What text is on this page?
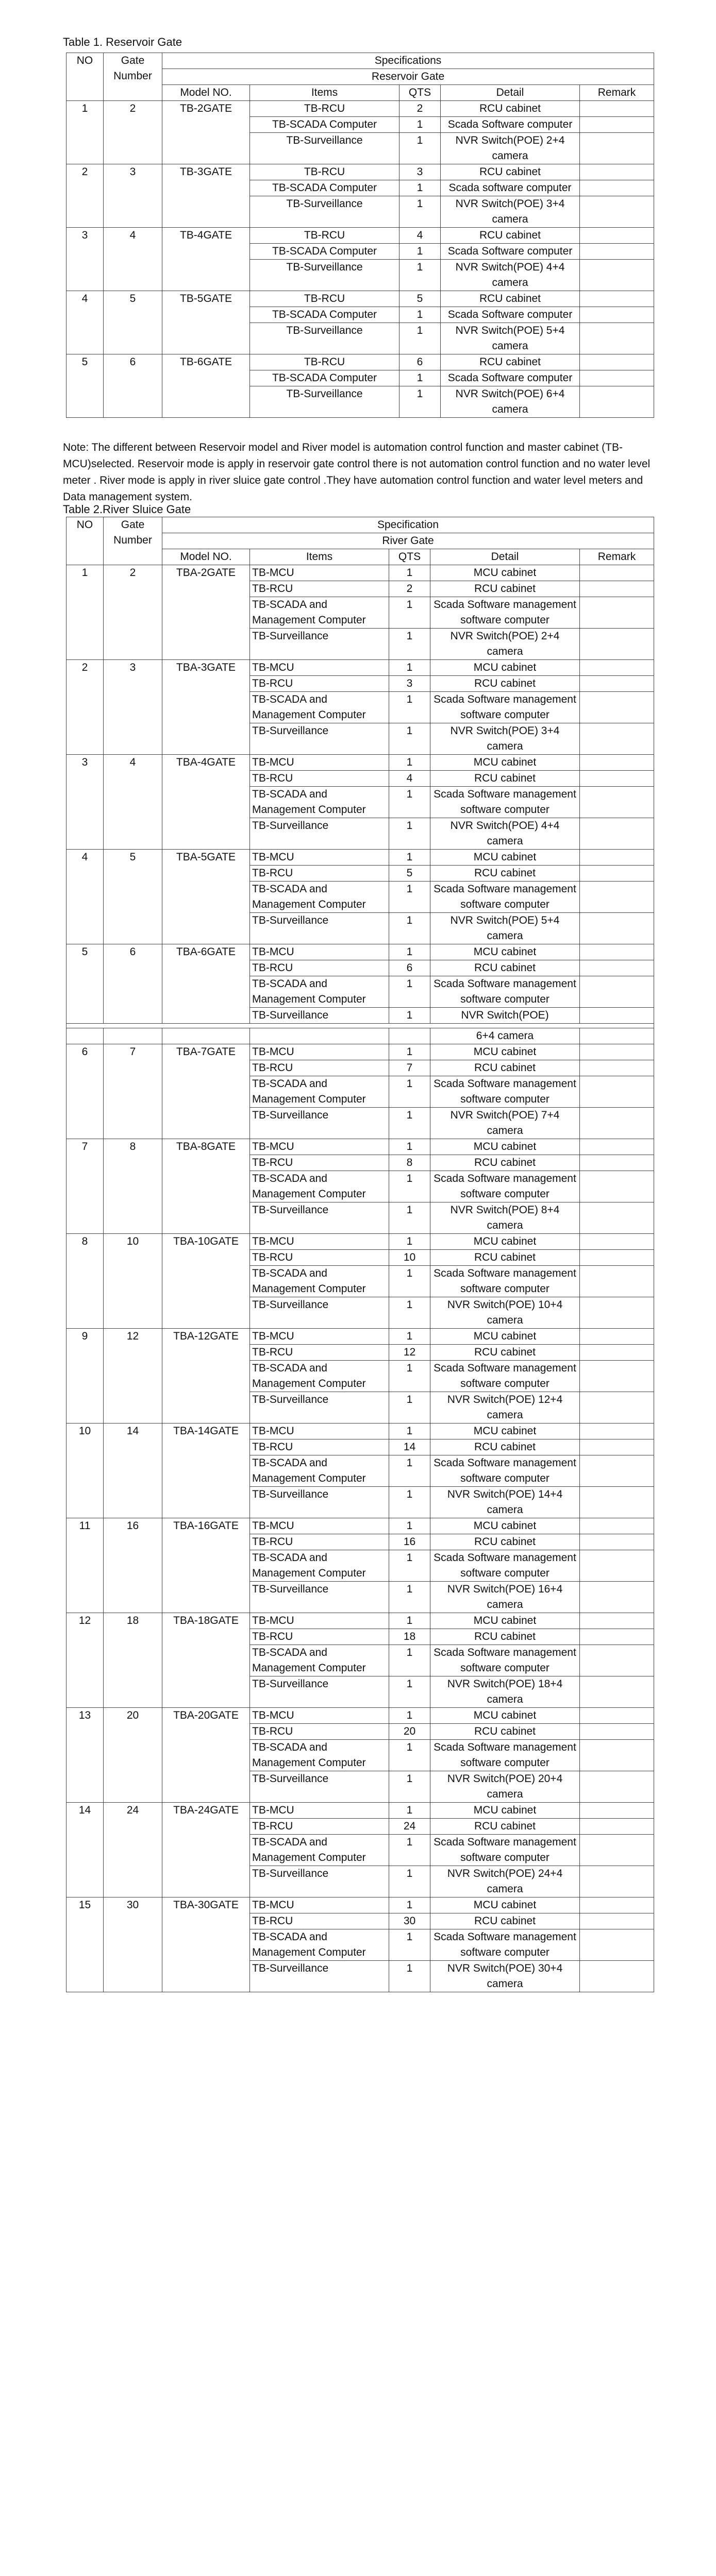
Table 1. Reservoir Gate
NO	Gate Number	Specifications				
		Reservoir Gate				
		Model NO.	Items	QTS	Detail	Remark
1	2	TB-2GATE	TB-RCU	2	RCU cabinet	
			TB-SCADA Computer	1	Scada Software computer	
			TB-Surveillance	1	NVR Switch(POE) 2+4 camera	
2	3	TB-3GATE	TB-RCU	3	RCU cabinet	
			TB-SCADA Computer	1	Scada software computer	
			TB-Surveillance	1	NVR Switch(POE) 3+4 camera	
3	4	TB-4GATE	TB-RCU	4	RCU cabinet	
			TB-SCADA Computer	1	Scada Software computer	
			TB-Surveillance	1	NVR Switch(POE) 4+4 camera	
4	5	TB-5GATE	TB-RCU	5	RCU cabinet	
			TB-SCADA Computer	1	Scada Software computer	
			TB-Surveillance	1	NVR Switch(POE) 5+4 camera	
5	6	TB-6GATE	TB-RCU	6	RCU cabinet	
			TB-SCADA Computer	1	Scada Software computer	
			TB-Surveillance	1	NVR Switch(POE) 6+4 camera	
Note: The different between Reservoir model and River model is automation control function and master cabinet (TB-MCU)selected. Reservoir mode is apply in reservoir gate control there is not automation control function and no water level meter . River mode is apply in river sluice gate control .They have automation control function and water level meters and Data management system.
Table 2.River Sluice Gate
NO	Gate Number	Specification				
		River Gate				
		Model NO.	Items	QTS	Detail	Remark
1	2	TBA-2GATE	TB-MCU	1	MCU cabinet	
			TB-RCU	2	RCU cabinet	
			TB-SCADA and Management Computer	1	Scada Software management software computer	
			TB-Surveillance	1	NVR Switch(POE) 2+4 camera	
2	3	TBA-3GATE	TB-MCU	1	MCU cabinet	
			TB-RCU	3	RCU cabinet	
			TB-SCADA and Management Computer	1	Scada Software management software computer	
			TB-Surveillance	1	NVR Switch(POE) 3+4 camera	
3	4	TBA-4GATE	TB-MCU	1	MCU cabinet	
			TB-RCU	4	RCU cabinet	
			TB-SCADA and Management Computer	1	Scada Software management software computer	
			TB-Surveillance	1	NVR Switch(POE) 4+4 camera	
4	5	TBA-5GATE	TB-MCU	1	MCU cabinet	
			TB-RCU	5	RCU cabinet	
			TB-SCADA and Management Computer	1	Scada Software management software computer	
			TB-Surveillance	1	NVR Switch(POE) 5+4 camera	
5	6	TBA-6GATE	TB-MCU	1	MCU cabinet	
			TB-RCU	6	RCU cabinet	
			TB-SCADA and Management Computer	1	Scada Software management software computer	
			TB-Surveillance	1	NVR Switch(POE)	

					6+4 camera	
6	7	TBA-7GATE	TB-MCU	1	MCU cabinet	
			TB-RCU	7	RCU cabinet	
			TB-SCADA and Management Computer	1	Scada Software management software computer	
			TB-Surveillance	1	NVR Switch(POE) 7+4 camera	
7	8	TBA-8GATE	TB-MCU	1	MCU cabinet	
			TB-RCU	8	RCU cabinet	
			TB-SCADA and Management Computer	1	Scada Software management software computer	
			TB-Surveillance	1	NVR Switch(POE) 8+4 camera	
8	10	TBA-10GATE	TB-MCU	1	MCU cabinet	
			TB-RCU	10	RCU cabinet	
			TB-SCADA and Management Computer	1	Scada Software management software computer	
			TB-Surveillance	1	NVR Switch(POE) 10+4 camera	
9	12	TBA-12GATE	TB-MCU	1	MCU cabinet	
			TB-RCU	12	RCU cabinet	
			TB-SCADA and Management Computer	1	Scada Software management software computer	
			TB-Surveillance	1	NVR Switch(POE) 12+4 camera	
10	14	TBA-14GATE	TB-MCU	1	MCU cabinet	
			TB-RCU	14	RCU cabinet	
			TB-SCADA and Management Computer	1	Scada Software management software computer	
			TB-Surveillance	1	NVR Switch(POE) 14+4 camera	
11	16	TBA-16GATE	TB-MCU	1	MCU cabinet	
			TB-RCU	16	RCU cabinet	
			TB-SCADA and Management Computer	1	Scada Software management software computer	
			TB-Surveillance	1	NVR Switch(POE) 16+4 camera	
12	18	TBA-18GATE	TB-MCU	1	MCU cabinet	
			TB-RCU	18	RCU cabinet	
			TB-SCADA and Management Computer	1	Scada Software management software computer	
			TB-Surveillance	1	NVR Switch(POE) 18+4 camera	
13	20	TBA-20GATE	TB-MCU	1	MCU cabinet	
			TB-RCU	20	RCU cabinet	
			TB-SCADA and Management Computer	1	Scada Software management software computer	
			TB-Surveillance	1	NVR Switch(POE) 20+4 camera	
14	24	TBA-24GATE	TB-MCU	1	MCU cabinet	
			TB-RCU	24	RCU cabinet	
			TB-SCADA and Management Computer	1	Scada Software management software computer	
			TB-Surveillance	1	NVR Switch(POE) 24+4 camera	
15	30	TBA-30GATE	TB-MCU	1	MCU cabinet	
			TB-RCU	30	RCU cabinet	
			TB-SCADA and Management Computer	1	Scada Software management software computer	
			TB-Surveillance	1	NVR Switch(POE) 30+4 camera	
